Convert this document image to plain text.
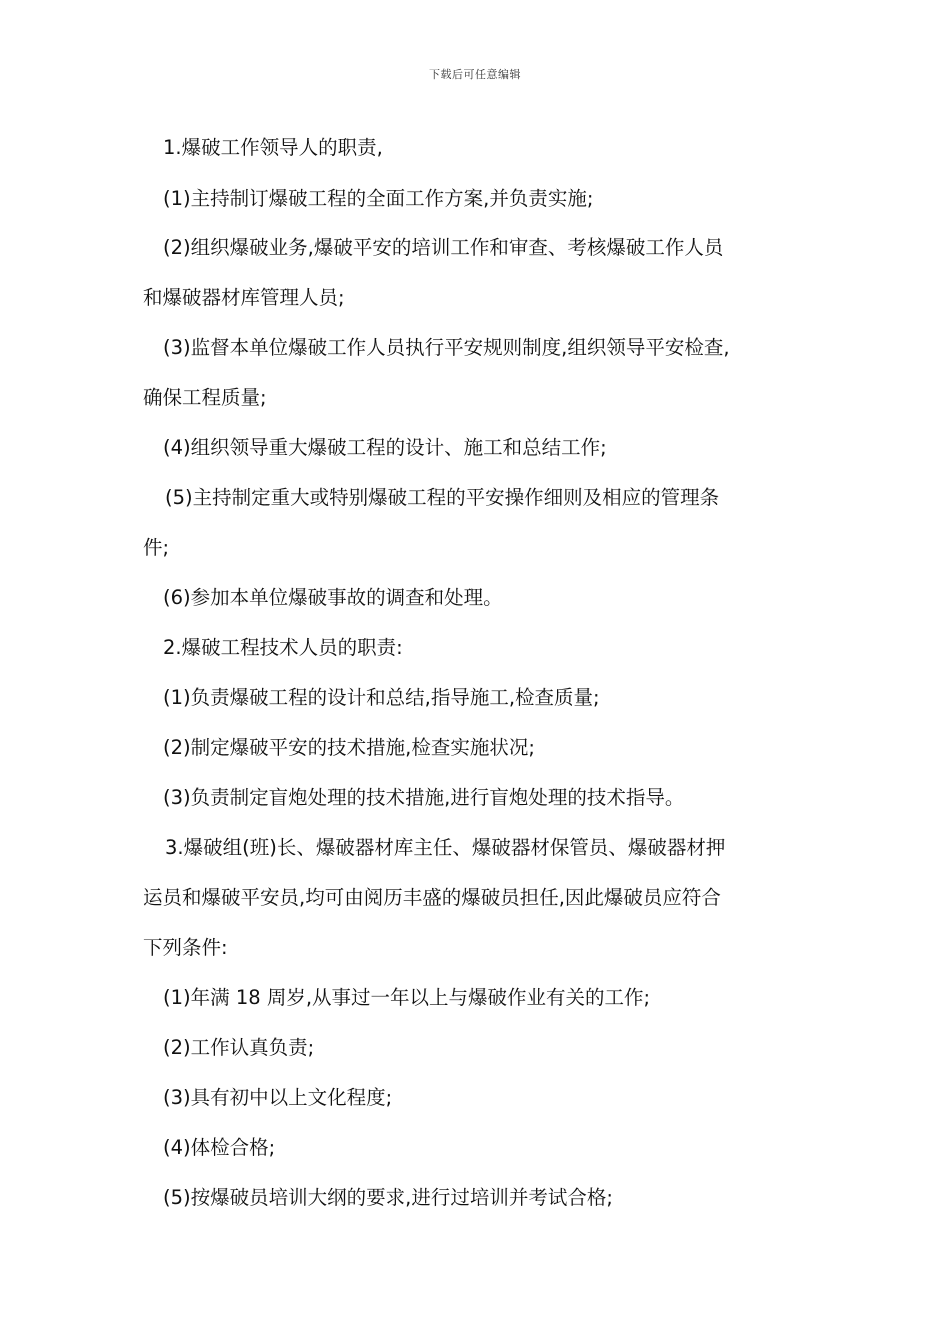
下载后可任意编辑
1.爆破工作领导人的职责,
(1)主持制订爆破工程的全面工作方案,并负责实施;
(2)组织爆破业务,爆破平安的培训工作和审查、考核爆破工作人员
和爆破器材库管理人员;
(3)监督本单位爆破工作人员执行平安规则制度,组织领导平安检查,
确保工程质量;
(4)组织领导重大爆破工程的设计、施工和总结工作;
(5)主持制定重大或特别爆破工程的平安操作细则及相应的管理条
件;
(6)参加本单位爆破事故的调查和处理。
2.爆破工程技术人员的职责:
(1)负责爆破工程的设计和总结,指导施工,检查质量;
(2)制定爆破平安的技术措施,检查实施状况;
(3)负责制定盲炮处理的技术措施,进行盲炮处理的技术指导。
3.爆破组(班)长、爆破器材库主任、爆破器材保管员、爆破器材押
运员和爆破平安员,均可由阅历丰盛的爆破员担任,因此爆破员应符合
下列条件:
(1)年满 18 周岁,从事过一年以上与爆破作业有关的工作;
(2)工作认真负责;
(3)具有初中以上文化程度;
(4)体检合格;
(5)按爆破员培训大纲的要求,进行过培训并考试合格;
